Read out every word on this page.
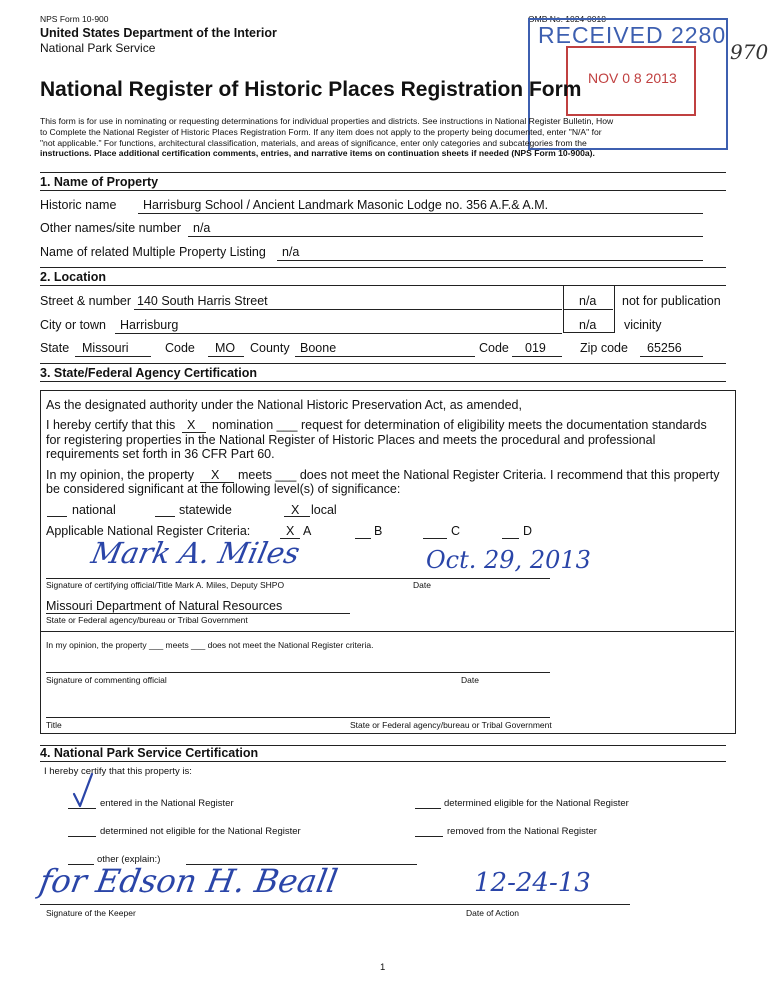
NPS Form 10-900
United States Department of the Interior
National Park Service
OMB No. 1024-0018
RECEIVED 2280
NOV 0 8 2013
970
National Register of Historic Places Registration Form
This form is for use in nominating or requesting determinations for individual properties and districts. See instructions in National Register Bulletin, How
to Complete the National Register of Historic Places Registration Form. If any item does not apply to the property being documented, enter "N/A" for
"not applicable." For functions, architectural classification, materials, and areas of significance, enter only categories and subcategories from the
instructions. Place additional certification comments, entries, and narrative items on continuation sheets if needed (NPS Form 10-900a).
1. Name of Property
Historic name Harrisburg School / Ancient Landmark Masonic Lodge no. 356 A.F.& A.M.
Other names/site number n/a
Name of related Multiple Property Listing n/a
2. Location
Street & number 140 South Harris Street	n/a not for publication
City or town Harrisburg	n/a vicinity
State Missouri	Code MO County Boone	Code 019	Zip code 65256
3. State/Federal Agency Certification
As the designated authority under the National Historic Preservation Act, as amended,
I hereby certify that this X nomination ___ request for determination of eligibility meets the documentation standards
for registering properties in the National Register of Historic Places and meets the procedural and professional
requirements set forth in 36 CFR Part 60.
In my opinion, the property X meets ___ does not meet the National Register Criteria. I recommend that this property
be considered significant at the following level(s) of significance:
national	statewide	X local
Applicable National Register Criteria:	X A	B	C	D
Mark A. Miles	Oct. 29, 2013
Signature of certifying official/Title Mark A. Miles, Deputy SHPO	Date
Missouri Department of Natural Resources
State or Federal agency/bureau or Tribal Government
In my opinion, the property ___ meets ___ does not meet the National Register criteria.
Signature of commenting official	Date
Title	State or Federal agency/bureau or Tribal Government
4. National Park Service Certification
I hereby certify that this property is:
entered in the National Register	determined eligible for the National Register
determined not eligible for the National Register	removed from the National Register
other (explain:)
for Edson H. Beall	12-24-13
Signature of the Keeper	Date of Action
1
